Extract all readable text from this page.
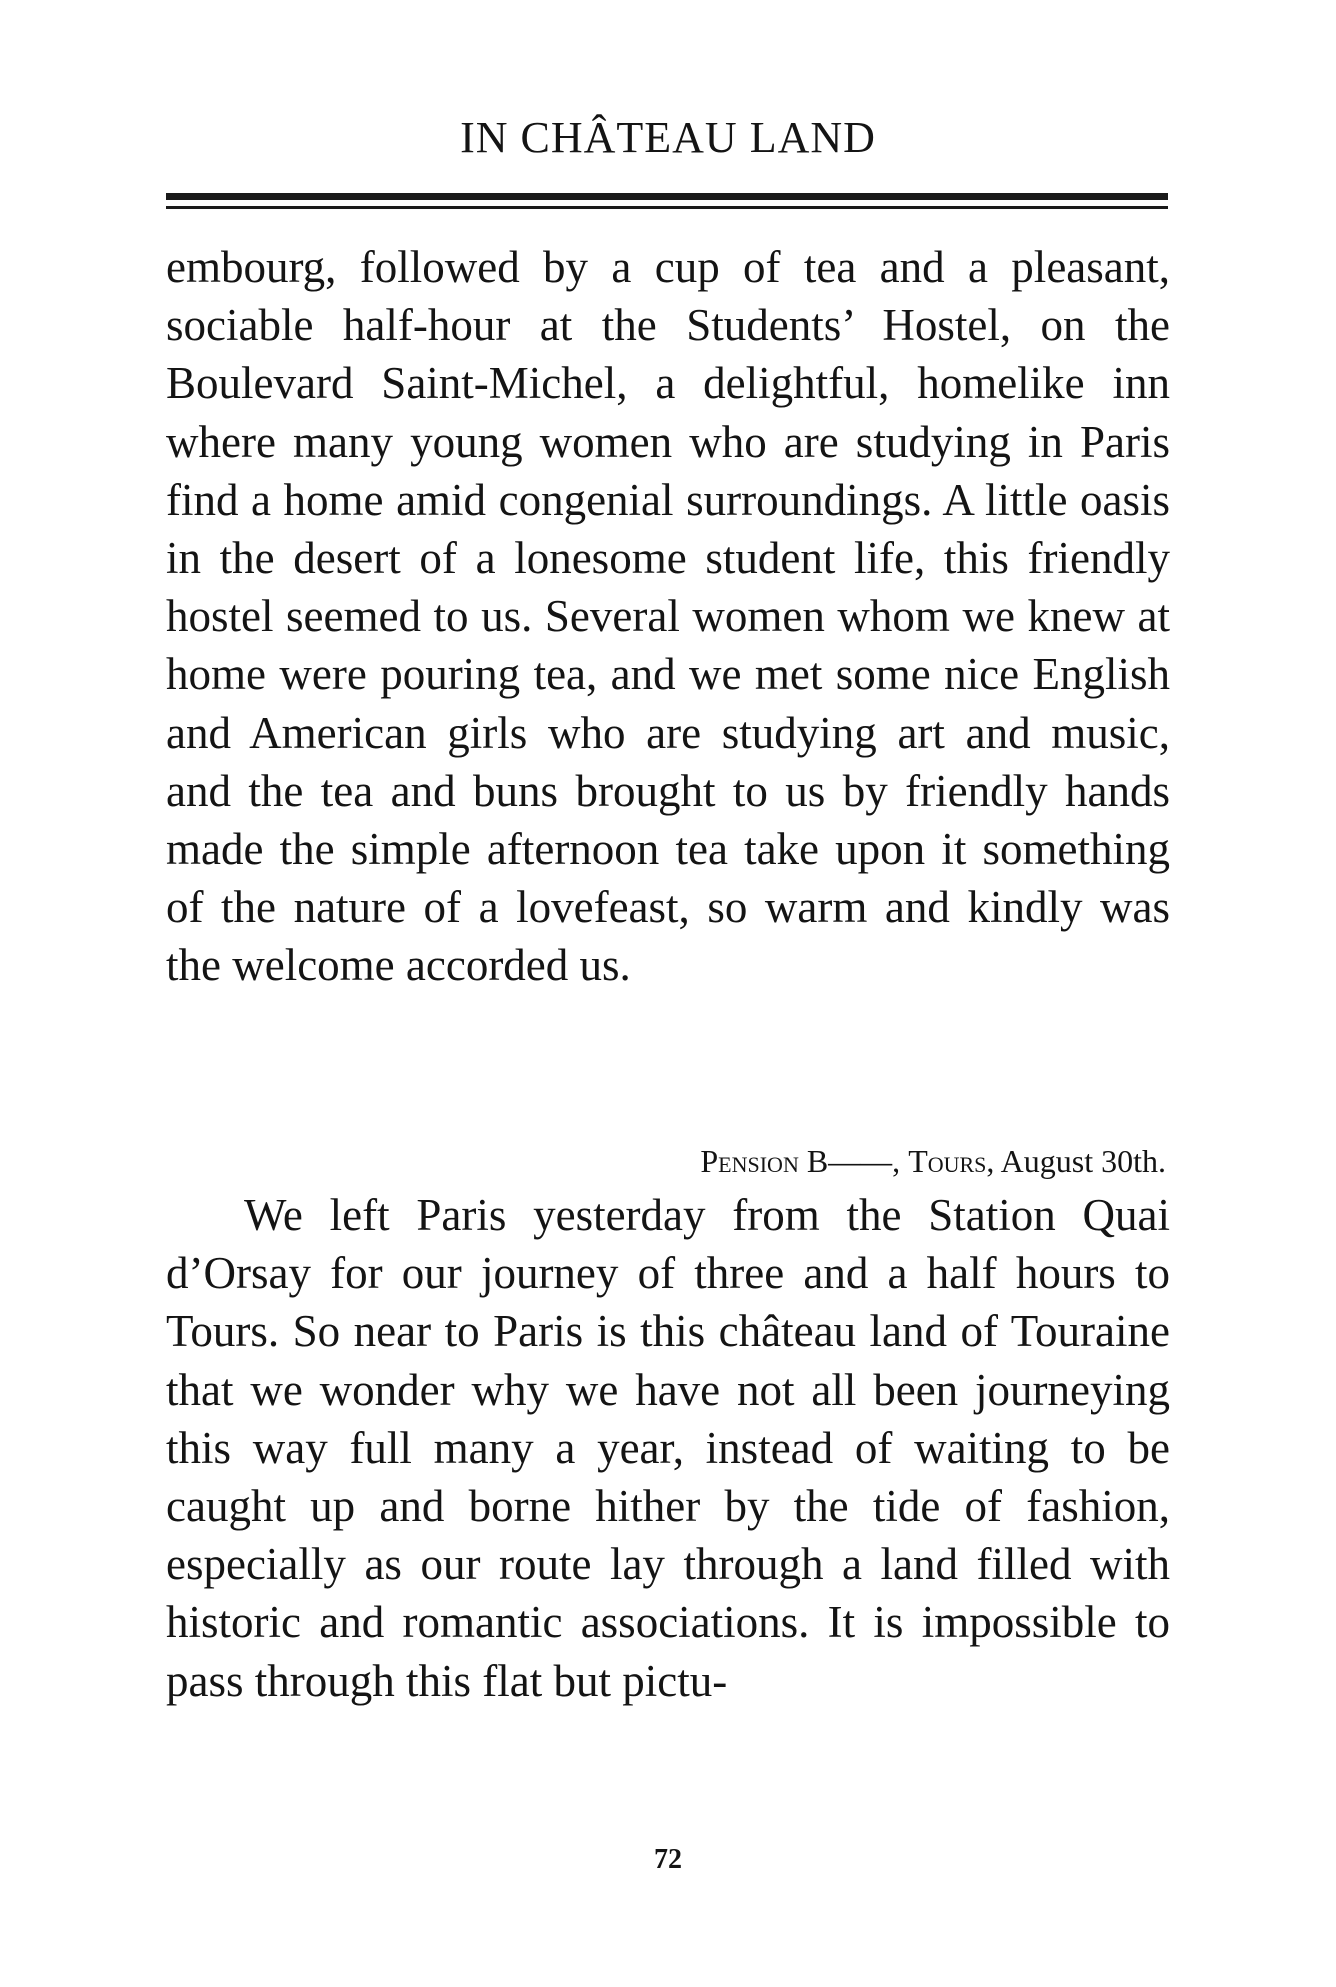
IN CHÂTEAU LAND

embourg, followed by a cup of tea and a pleasant, sociable half-hour at the Students’ Hostel, on the Boulevard Saint-Michel, a delightful, homelike inn where many young women who are studying in Paris find a home amid congenial surroundings. A little oasis in the desert of a lonesome student life, this friendly hostel seemed to us. Several women whom we knew at home were pouring tea, and we met some nice English and American girls who are studying art and music, and the tea and buns brought to us by friendly hands made the simple afternoon tea take upon it something of the nature of a lovefeast, so warm and kindly was the welcome accorded us.

Pension B——, Tours, August 30th.

We left Paris yesterday from the Station Quai d’Orsay for our journey of three and a half hours to Tours. So near to Paris is this château land of Touraine that we wonder why we have not all been journeying this way full many a year, instead of waiting to be caught up and borne hither by the tide of fashion, especially as our route lay through a land filled with historic and romantic associations. It is impossible to pass through this flat but pictu-

72
